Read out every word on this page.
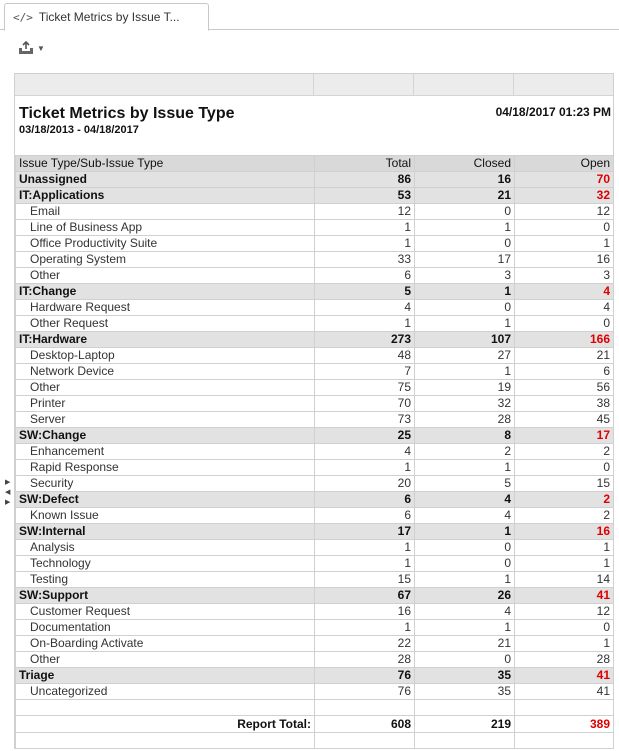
</> Ticket Metrics by Issue T...
▼
▶
◀
▶
Ticket Metrics by Issue Type
03/18/2013 - 04/18/2017
04/18/2017 01:23 PM
Issue Type/Sub-Issue Type	Total	Closed	Open
Unassigned	86	16	70
IT:Applications	53	21	32
Email	12	0	12
Line of Business App	1	1	0
Office Productivity Suite	1	0	1
Operating System	33	17	16
Other	6	3	3
IT:Change	5	1	4
Hardware Request	4	0	4
Other Request	1	1	0
IT:Hardware	273	107	166
Desktop-Laptop	48	27	21
Network Device	7	1	6
Other	75	19	56
Printer	70	32	38
Server	73	28	45
SW:Change	25	8	17
Enhancement	4	2	2
Rapid Response	1	1	0
Security	20	5	15
SW:Defect	6	4	2
Known Issue	6	4	2
SW:Internal	17	1	16
Analysis	1	0	1
Technology	1	0	1
Testing	15	1	14
SW:Support	67	26	41
Customer Request	16	4	12
Documentation	1	1	0
On-Boarding Activate	22	21	1
Other	28	0	28
Triage	76	35	41
Uncategorized	76	35	41

Report Total:	608	219	389
